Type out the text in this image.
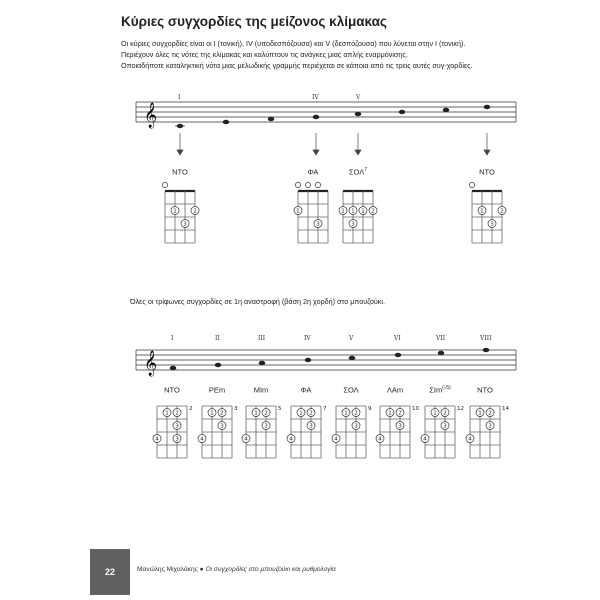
Κύριες συγχορδίες της μείζονος κλίμακας

Οι κύριες συγχορδίες είναι οι Ι (τονική), IV (υποδεσπόζουσα) και V (δεσπόζουσα) που λύνεται στην Ι (τονική).

Περιέχουν όλες τις νότες της κλίμακας και καλύπτουν τις ανάγκες μιας απλής εναρμόνισης.

Οποιαδήποτε καταληκτική νότα μιας μελωδικής γραμμής περιέχεται σε κάποια από τις τρεις αυτές συγ-χορδίες.

𝄞
I	IV	V
𝄞
I	II	III	IV	V	VI	VII	VIII
1	2
3
1
3
1 1 1 2
3
1	2
3
1 2
3
4	3
2
1 2
3
4
3
1 2
3
4
5
1 2
3
4
7
1 2
3
4
9
1 2
3
4
10
1 2
3
4
12
1 2
3
4
14
ΝΤΟ	ΦΑ	ΣΟΛ$^7$	ΝΤΟ
Όλες οι τρίφωνες συγχορδίες σε 1η αναστροφή (βάση 2η χορδή) στο μπουζούκι.
ΝΤΟ	ΡΕm	ΜΙm	ΦΑ	ΣΟΛ	ΛΑm	ΣΙm$^{(♭5)}$	ΝΤΟ
22	Μανώλης Μιχαλάκης ● Οι συγχορδίες στο μπουζούκι και ρυθμολογία
